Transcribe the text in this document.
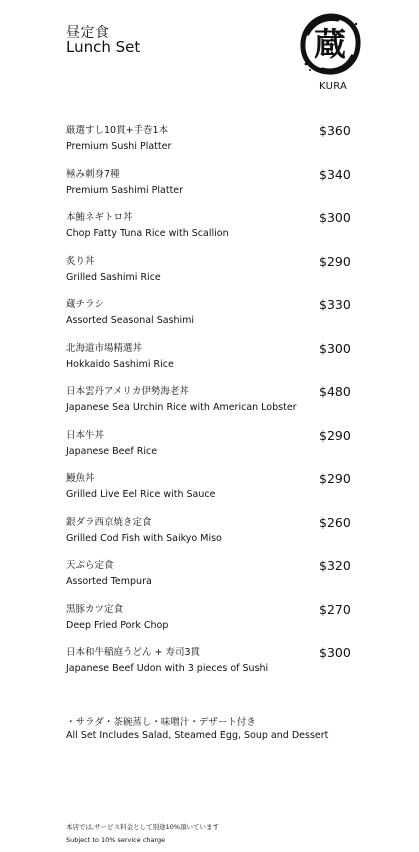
昼定食
Lunch Set	蔵
KURA
厳選すし10貫+手巻1本
Premium Sushi Platter
$360
極み刺身7種
Premium Sashimi Platter
$340
本鮪ネギトロ丼
Chop Fatty Tuna Rice with Scallion
$300
炙り丼
Grilled Sashimi Rice
$290
蔵チラシ
Assorted Seasonal Sashimi
$330
北海道市場精選丼
Hokkaido Sashimi Rice
$300
日本雲丹アメリカ伊勢海老丼
Japanese Sea Urchin Rice with American Lobster
$480
日本牛丼
Japanese Beef Rice
$290
鰻魚丼
Grilled Live Eel Rice with Sauce
$290
銀ダラ西京焼き定食
Grilled Cod Fish with Saikyo Miso
$260
天ぷら定食
Assorted Tempura
$320
黒豚カツ定食
Deep Fried Pork Chop
$270
日本和牛稲庭うどん + 寿司3貫
Japanese Beef Udon with 3 pieces of Sushi
$300
・サラダ・茶碗蒸し・味噌汁・デザート付き
All Set Includes Salad, Steamed Egg, Soup and Dessert
本店では,サービス料金として別途10%頂いています
Subject to 10% service charge
